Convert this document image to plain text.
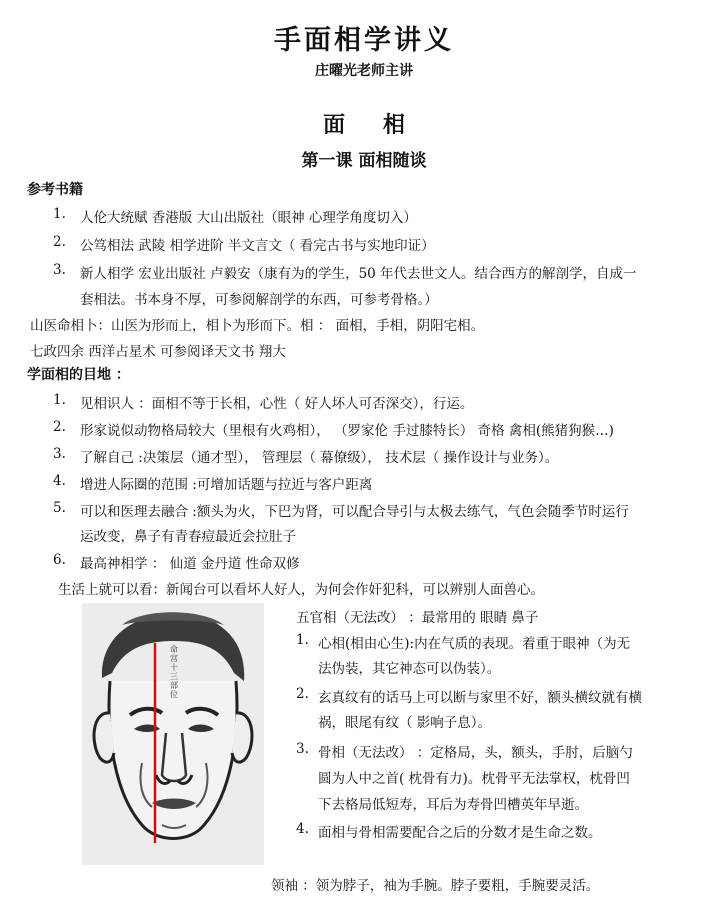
手面相学讲义
庄曜光老师主讲
面 相
第一课 面相随谈
参考书籍
1. 人伦大统赋 香港版 大山出版社（眼神 心理学角度切入）
2. 公笃相法 武陵 相学进阶 半文言文（ 看完古书与实地印证）
3. 新人相学 宏业出版社 卢毅安（康有为的学生，50 年代去世文人。结合西方的解剖学，自成一
套相法。书本身不厚，可参阅解剖学的东西，可参考骨格。）
山医命相卜：山医为形而上，相卜为形而下。相 ： 面相，手相，阴阳宅相。
七政四余 西洋占星术 可参阅译天文书 翔大
学面相的目地 ：
1. 见相识人 ：面相不等于长相，心性（ 好人坏人可否深交），行运。
2. 形家说似动物格局较大（里根有火鸡相）， （罗家伦 手过膝特长） 奇格 禽相(熊猪狗猴…)
3. 了解自己 :决策层（通才型）， 管理层（ 幕僚级）， 技术层（ 操作设计与业务）。
4. 增进人际圈的范围 :可增加话题与拉近与客户距离
5. 可以和医理去融合 :额头为火，下巴为肾，可以配合导引与太极去练气，气色会随季节时运行
运改变，鼻子有青春痘最近会拉肚子
6. 最高神相学 ： 仙道 金丹道 性命双修
生活上就可以看：新闻台可以看坏人好人，为何会作奸犯科，可以辨别人面兽心。
命宫十三部位
五官相（无法改） ：最常用的 眼睛 鼻子
1. 心相(相由心生):内在气质的表现。着重于眼神（为无
法伪装，其它神态可以伪装）。
2. 玄真纹有的话马上可以断与家里不好，额头横纹就有横
祸，眼尾有纹（ 影响子息）。
3. 骨相（无法改） ：定格局，头，额头，手肘，后脑勺
圆为人中之首( 枕骨有力)。枕骨平无法掌权，枕骨凹
下去格局低短寿，耳后为寿骨凹槽英年早逝。
4. 面相与骨相需要配合之后的分数才是生命之数。
领袖 ：领为脖子，袖为手腕。脖子要粗，手腕要灵活。
